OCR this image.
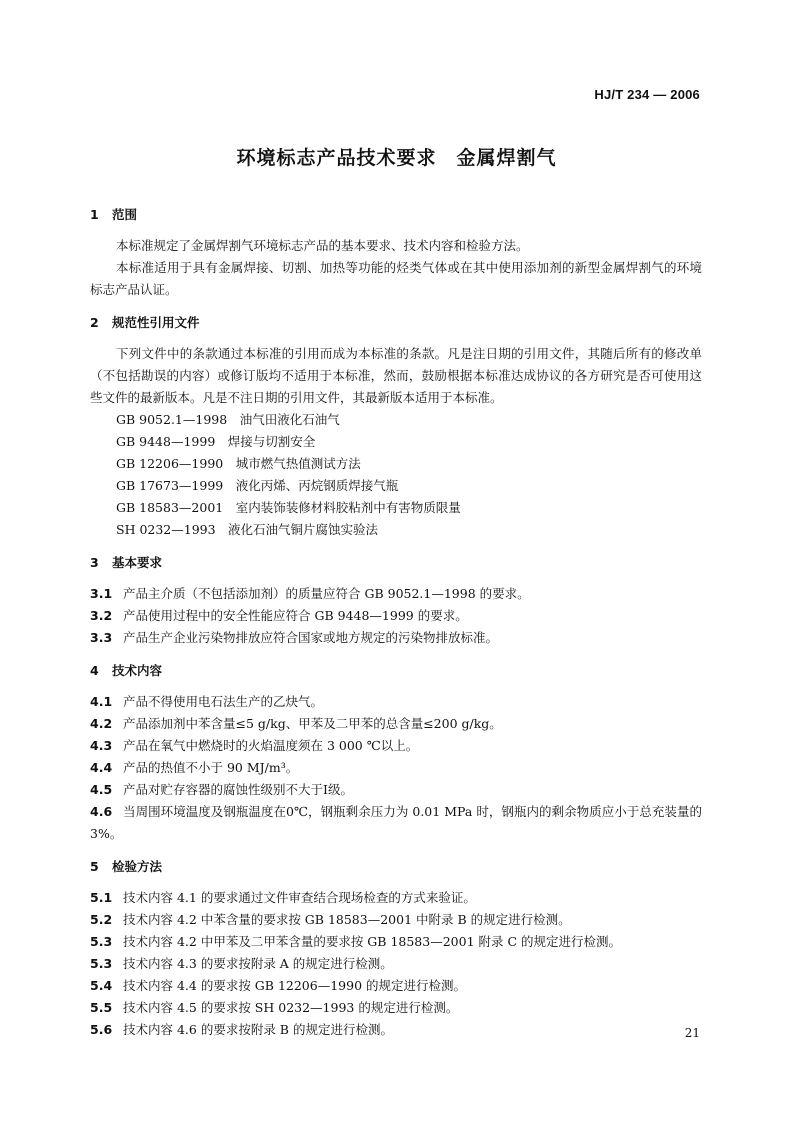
HJ/T 234 — 2006
环境标志产品技术要求　金属焊割气
1 范围
本标准规定了金属焊割气环境标志产品的基本要求、技术内容和检验方法。
本标准适用于具有金属焊接、切割、加热等功能的烃类气体或在其中使用添加剂的新型金属焊割气的环境标志产品认证。
2 规范性引用文件
下列文件中的条款通过本标准的引用而成为本标准的条款。凡是注日期的引用文件，其随后所有的修改单（不包括勘误的内容）或修订版均不适用于本标准，然而，鼓励根据本标准达成协议的各方研究是否可使用这些文件的最新版本。凡是不注日期的引用文件，其最新版本适用于本标准。
GB 9052.1—1998　油气田液化石油气
GB 9448—1999　焊接与切割安全
GB 12206—1990　城市燃气热值测试方法
GB 17673—1999　液化丙烯、丙烷钢质焊接气瓶
GB 18583—2001　室内装饰装修材料胶粘剂中有害物质限量
SH 0232—1993　液化石油气铜片腐蚀实验法
3 基本要求
3.1 产品主介质（不包括添加剂）的质量应符合 GB 9052.1—1998 的要求。
3.2 产品使用过程中的安全性能应符合 GB 9448—1999 的要求。
3.3 产品生产企业污染物排放应符合国家或地方规定的污染物排放标准。
4 技术内容
4.1 产品不得使用电石法生产的乙炔气。
4.2 产品添加剂中苯含量≤5 g/kg、甲苯及二甲苯的总含量≤200 g/kg。
4.3 产品在氧气中燃烧时的火焰温度须在 3 000 ℃以上。
4.4 产品的热值不小于 90 MJ/m³。
4.5 产品对贮存容器的腐蚀性级别不大于Ⅰ级。
4.6 当周围环境温度及钢瓶温度在0℃，钢瓶剩余压力为 0.01 MPa 时，钢瓶内的剩余物质应小于总充装量的 3%。
5 检验方法
5.1 技术内容 4.1 的要求通过文件审查结合现场检查的方式来验证。
5.2 技术内容 4.2 中苯含量的要求按 GB 18583—2001 中附录 B 的规定进行检测。
5.3 技术内容 4.2 中甲苯及二甲苯含量的要求按 GB 18583—2001 附录 C 的规定进行检测。
5.3 技术内容 4.3 的要求按附录 A 的规定进行检测。
5.4 技术内容 4.4 的要求按 GB 12206—1990 的规定进行检测。
5.5 技术内容 4.5 的要求按 SH 0232—1993 的规定进行检测。
5.6 技术内容 4.6 的要求按附录 B 的规定进行检测。	21
